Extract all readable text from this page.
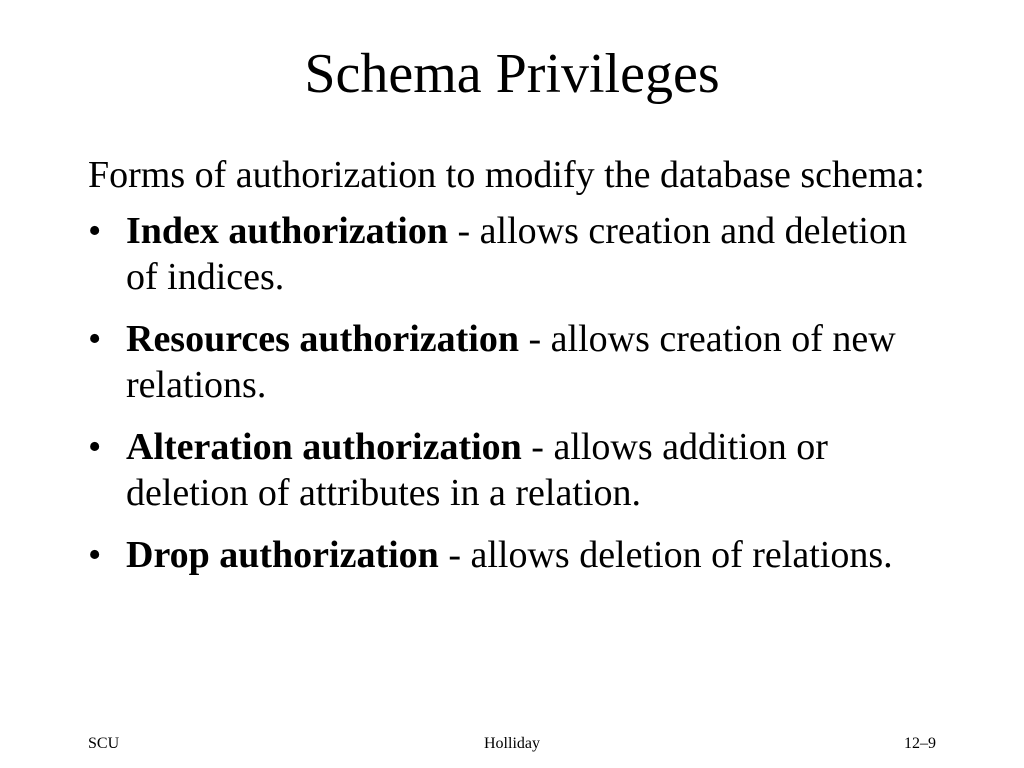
Schema Privileges

Forms of authorization to modify the database schema:

• Index authorization - allows creation and deletion of indices.
• Resources authorization - allows creation of new relations.
• Alteration authorization - allows addition or deletion of attributes in a relation.
• Drop authorization - allows deletion of relations.
SCU	Holliday	12–9
